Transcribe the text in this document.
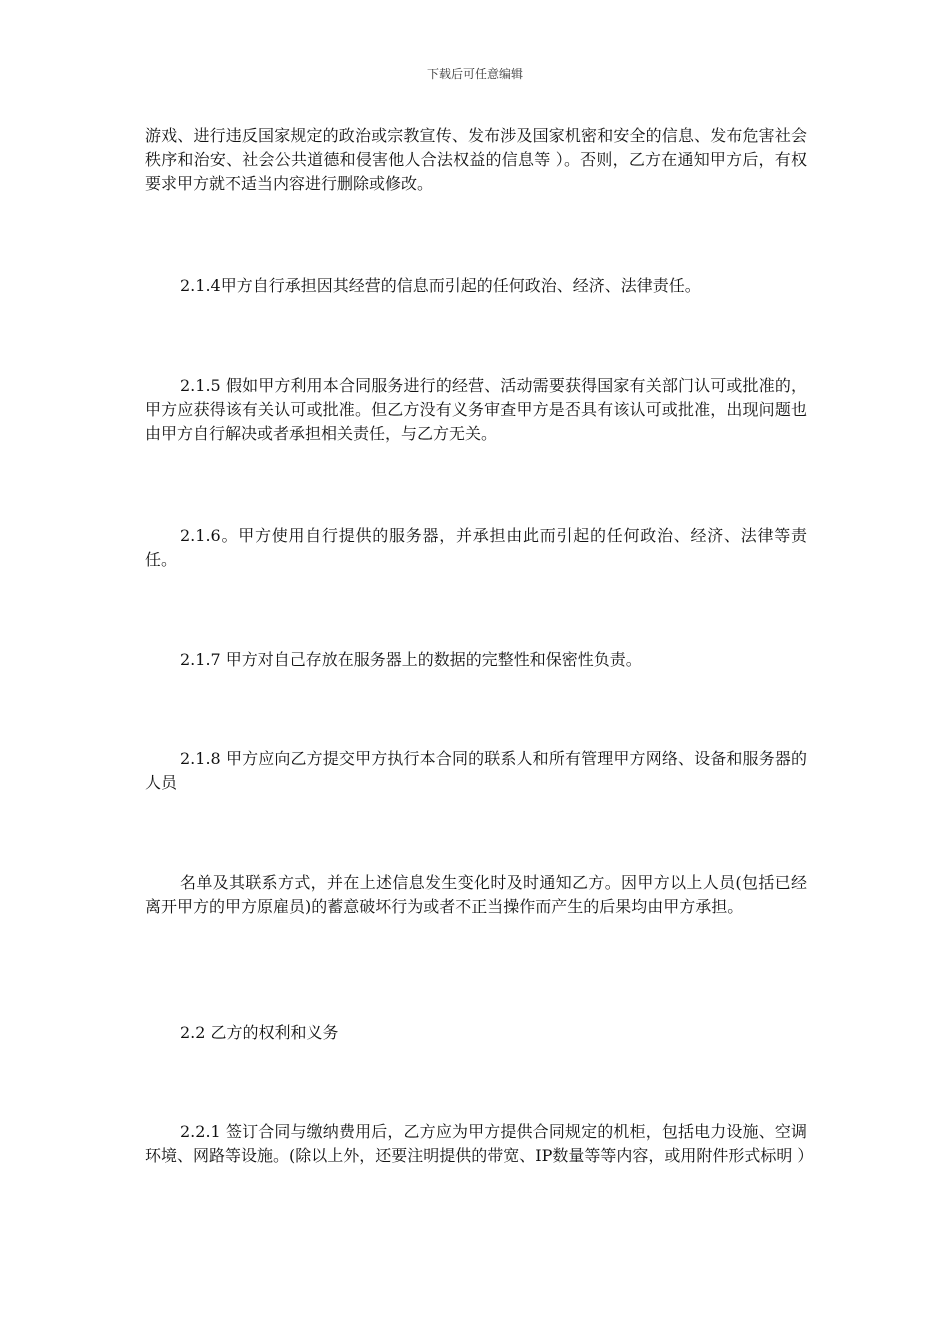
下载后可任意编辑

游戏、进行违反国家规定的政治或宗教宣传、发布涉及国家机密和安全的信息、发布危害社会秩序和治安、社会公共道德和侵害他人合法权益的信息等 ）。否则，乙方在通知甲方后，有权要求甲方就不适当内容进行删除或修改。

2.1.4甲方自行承担因其经营的信息而引起的任何政治、经济、法律责任。

2.1.5 假如甲方利用本合同服务进行的经营、活动需要获得国家有关部门认可或批准的，甲方应获得该有关认可或批准。但乙方没有义务审查甲方是否具有该认可或批准，出现问题也由甲方自行解决或者承担相关责任，与乙方无关。

2.1.6。甲方使用自行提供的服务器，并承担由此而引起的任何政治、经济、法律等责任。

2.1.7 甲方对自己存放在服务器上的数据的完整性和保密性负责。

2.1.8 甲方应向乙方提交甲方执行本合同的联系人和所有管理甲方网络、设备和服务器的人员

名单及其联系方式，并在上述信息发生变化时及时通知乙方。因甲方以上人员(包括已经离开甲方的甲方原雇员)的蓄意破坏行为或者不正当操作而产生的后果均由甲方承担。

2.2 乙方的权利和义务

2.2.1 签订合同与缴纳费用后，乙方应为甲方提供合同规定的机柜，包括电力设施、空调环境、网路等设施。(除以上外，还要注明提供的带宽、IP数量等等内容，或用附件形式标明 ）
